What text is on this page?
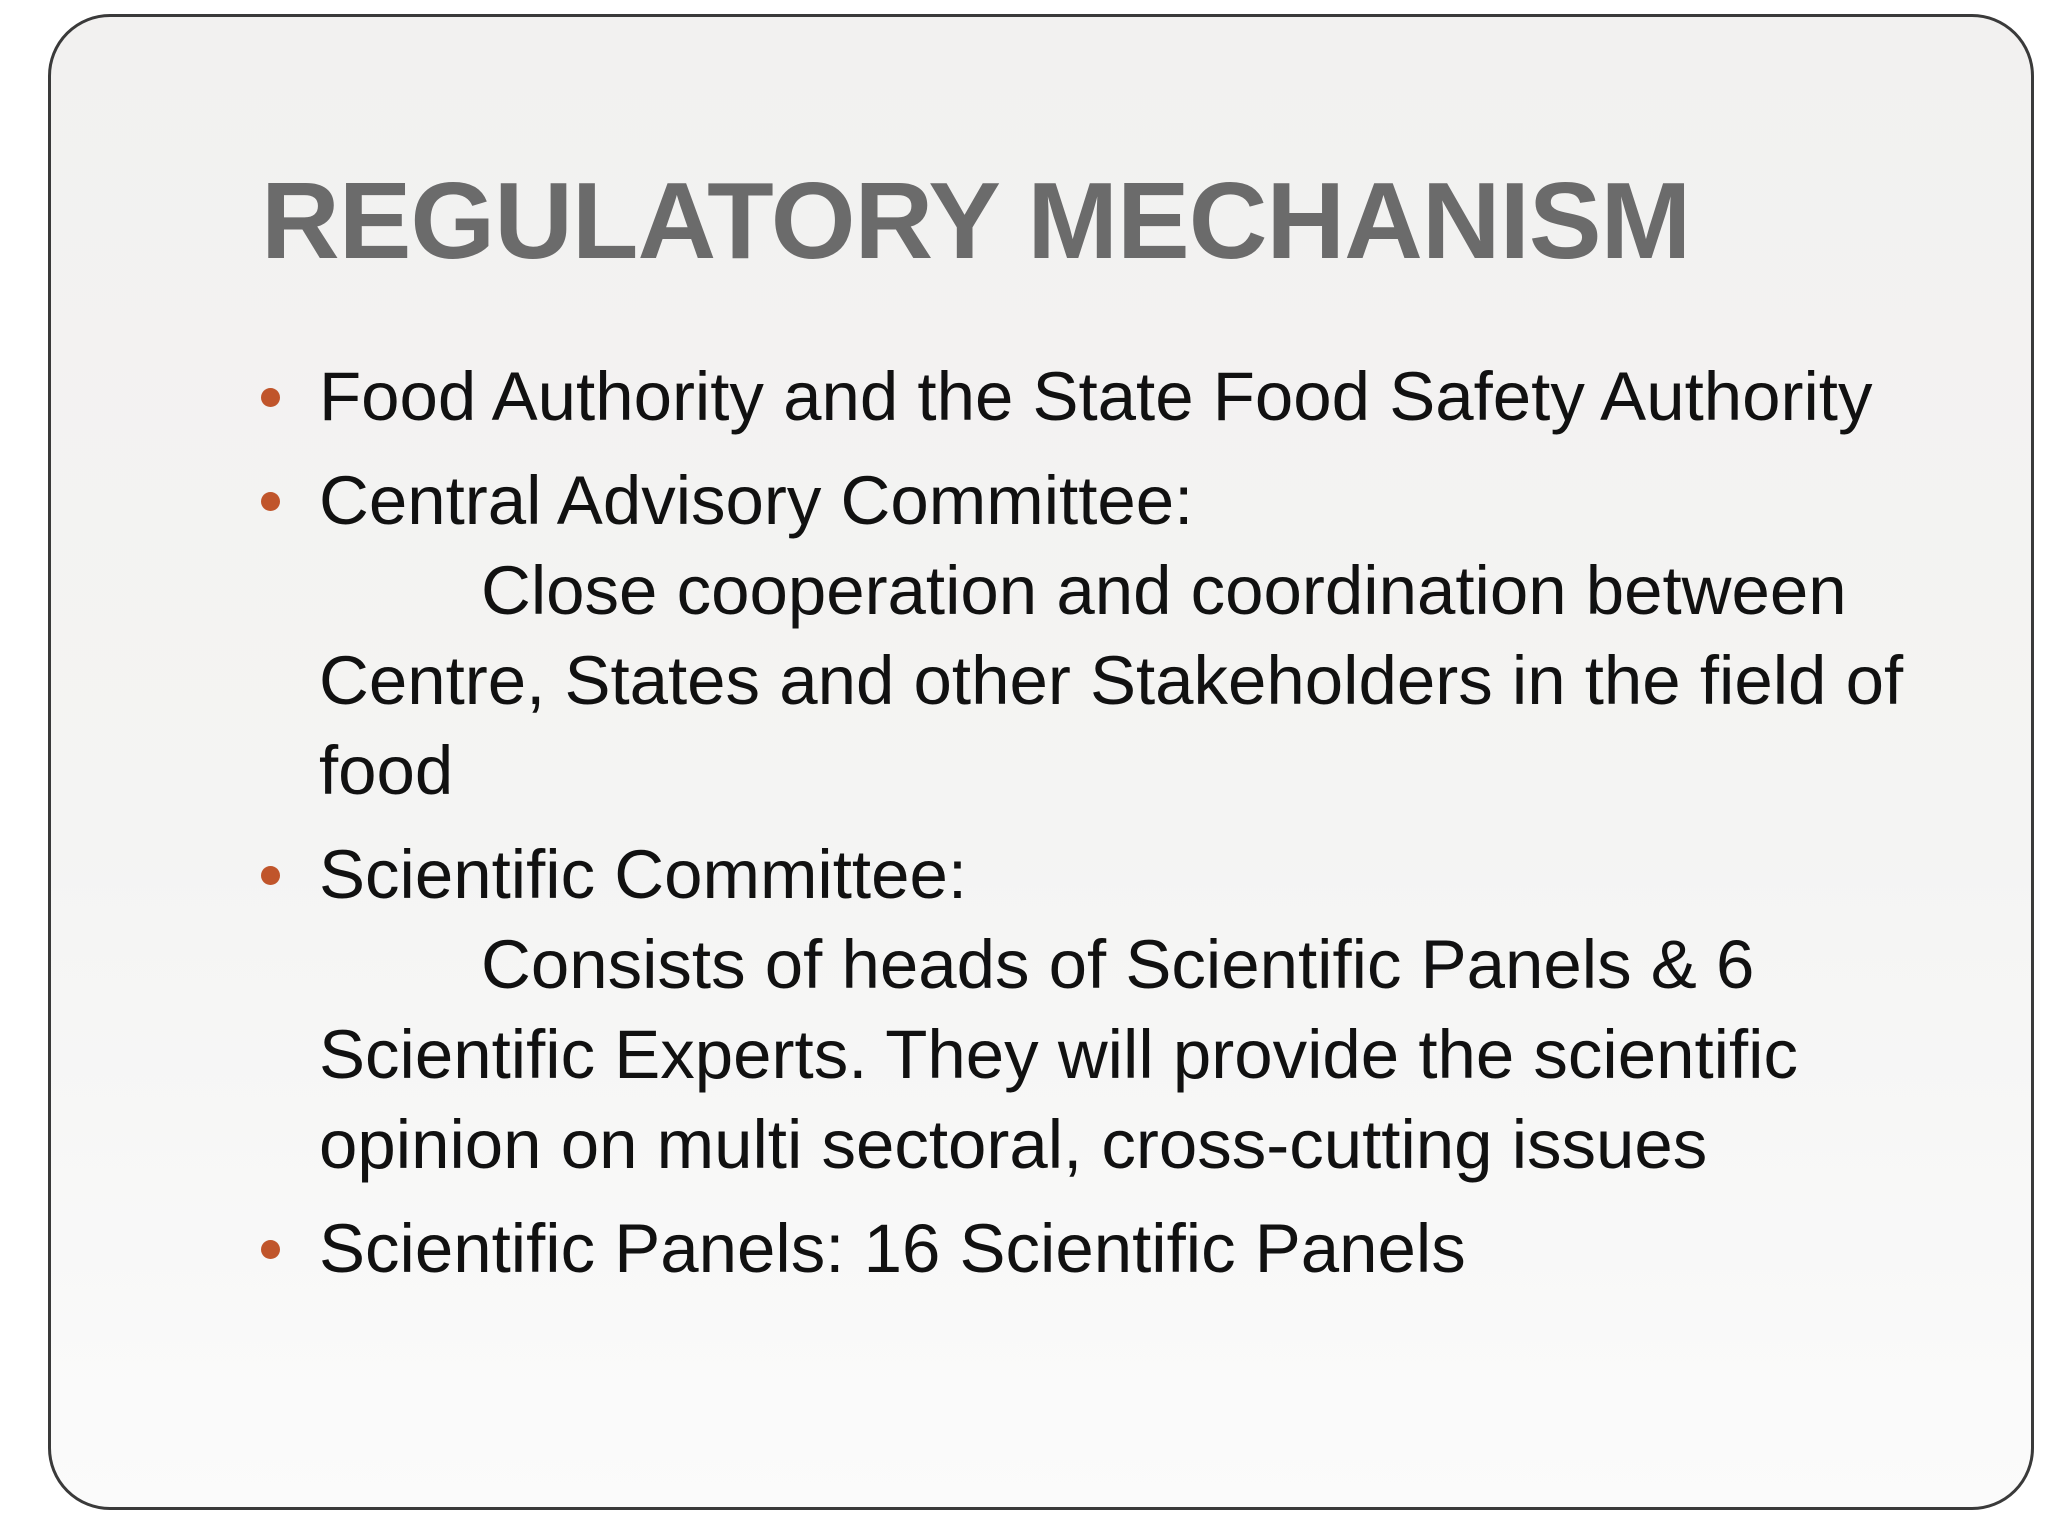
REGULATORY MECHANISM
Food Authority and the State Food Safety Authority
Central Advisory Committee:
Close cooperation and coordination between Centre, States and other Stakeholders in the field of food
Scientific Committee:
Consists of heads of Scientific Panels & 6 Scientific Experts. They will provide the scientific opinion on multi sectoral, cross-cutting issues
Scientific Panels: 16 Scientific Panels
